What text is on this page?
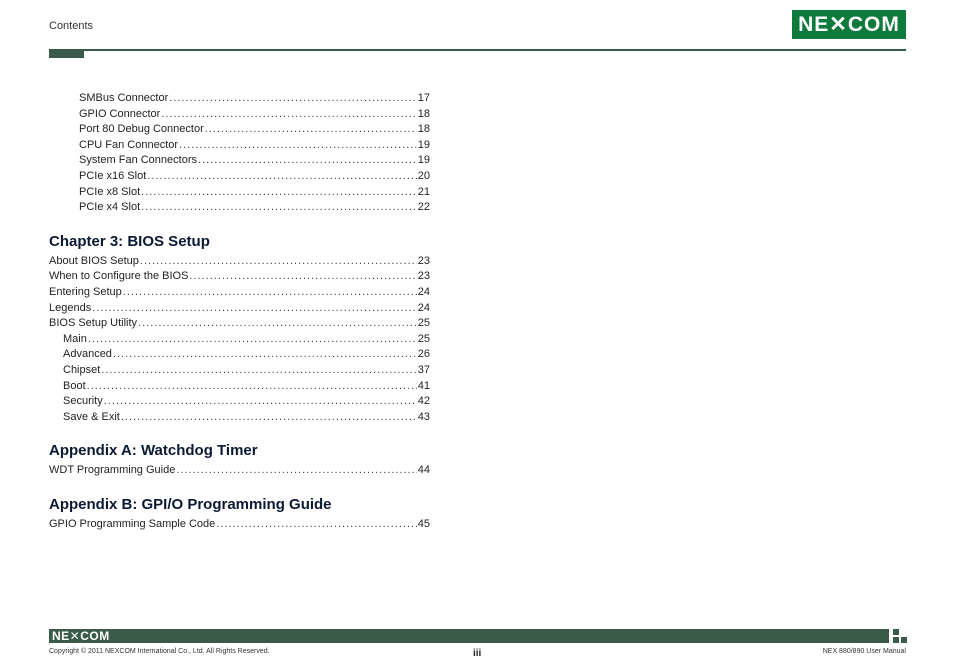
Contents	NE✕COM
SMBus Connector .....	17
GPIO Connector .....	18
Port 80 Debug Connector .....	18
CPU Fan Connector .....	19
System Fan Connectors .....	19
PCIe x16 Slot .....	20
PCIe x8 Slot .....	21
PCIe x4 Slot .....	22
Chapter 3: BIOS Setup
About BIOS Setup .....	23
When to Configure the BIOS .....	23
Entering Setup .....	24
Legends .....	24
BIOS Setup Utility .....	25
Main .....	25
Advanced .....	26
Chipset .....	37
Boot .....	41
Security .....	42
Save & Exit .....	43
Appendix A: Watchdog Timer
WDT Programming Guide .....	44
Appendix B: GPI/O Programming Guide
GPIO Programming Sample Code .....	45
NE✕COM
Copyright © 2011 NEXCOM International Co., Ltd. All Rights Reserved.	iii	NEX 880/890 User Manual
